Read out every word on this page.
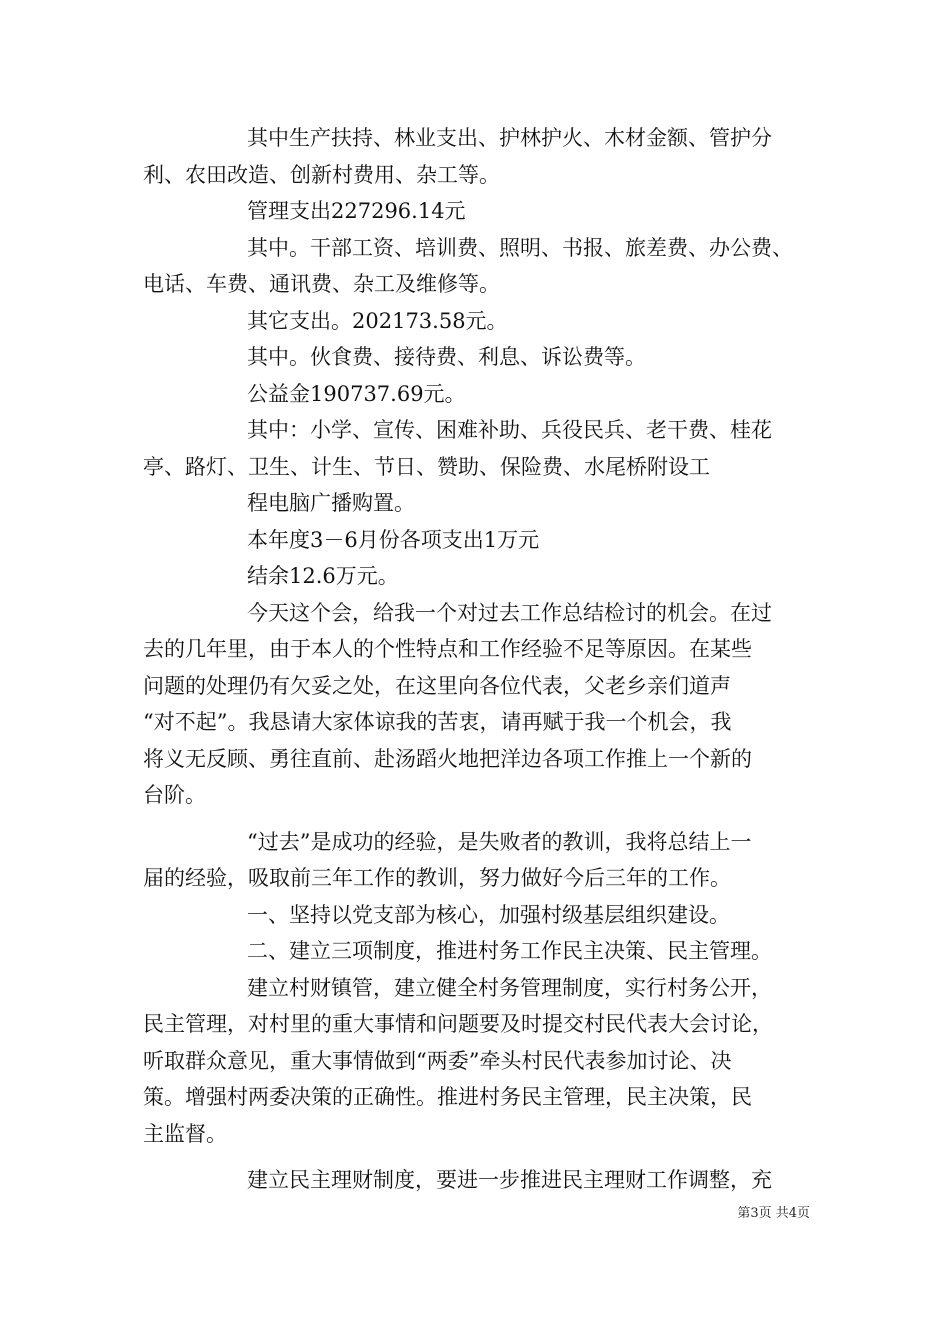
其中生产扶持、林业支出、护林护火、木材金额、管护分
利、农田改造、创新村费用、杂工等。
管理支出227296.14元
其中。干部工资、培训费、照明、书报、旅差费、办公费、
电话、车费、通讯费、杂工及维修等。
其它支出。202173.58元。
其中。伙食费、接待费、利息、诉讼费等。
公益金190737.69元。
其中：小学、宣传、困难补助、兵役民兵、老干费、桂花
亭、路灯、卫生、计生、节日、赞助、保险费、水尾桥附设工
程电脑广播购置。
本年度3－6月份各项支出1万元
结余12.6万元。
今天这个会，给我一个对过去工作总结检讨的机会。在过
去的几年里，由于本人的个性特点和工作经验不足等原因。在某些
问题的处理仍有欠妥之处，在这里向各位代表，父老乡亲们道声
“对不起”。我恳请大家体谅我的苦衷，请再赋于我一个机会，我
将义无反顾、勇往直前、赴汤蹈火地把洋边各项工作推上一个新的
台阶。
“过去”是成功的经验，是失败者的教训，我将总结上一
届的经验，吸取前三年工作的教训，努力做好今后三年的工作。
一、坚持以党支部为核心，加强村级基层组织建设。
二、建立三项制度，推进村务工作民主决策、民主管理。
建立村财镇管，建立健全村务管理制度，实行村务公开，
民主管理，对村里的重大事情和问题要及时提交村民代表大会讨论，
听取群众意见，重大事情做到“两委”牵头村民代表参加讨论、决
策。增强村两委决策的正确性。推进村务民主管理，民主决策，民
主监督。
建立民主理财制度，要进一步推进民主理财工作调整，充
第3页 共4页
